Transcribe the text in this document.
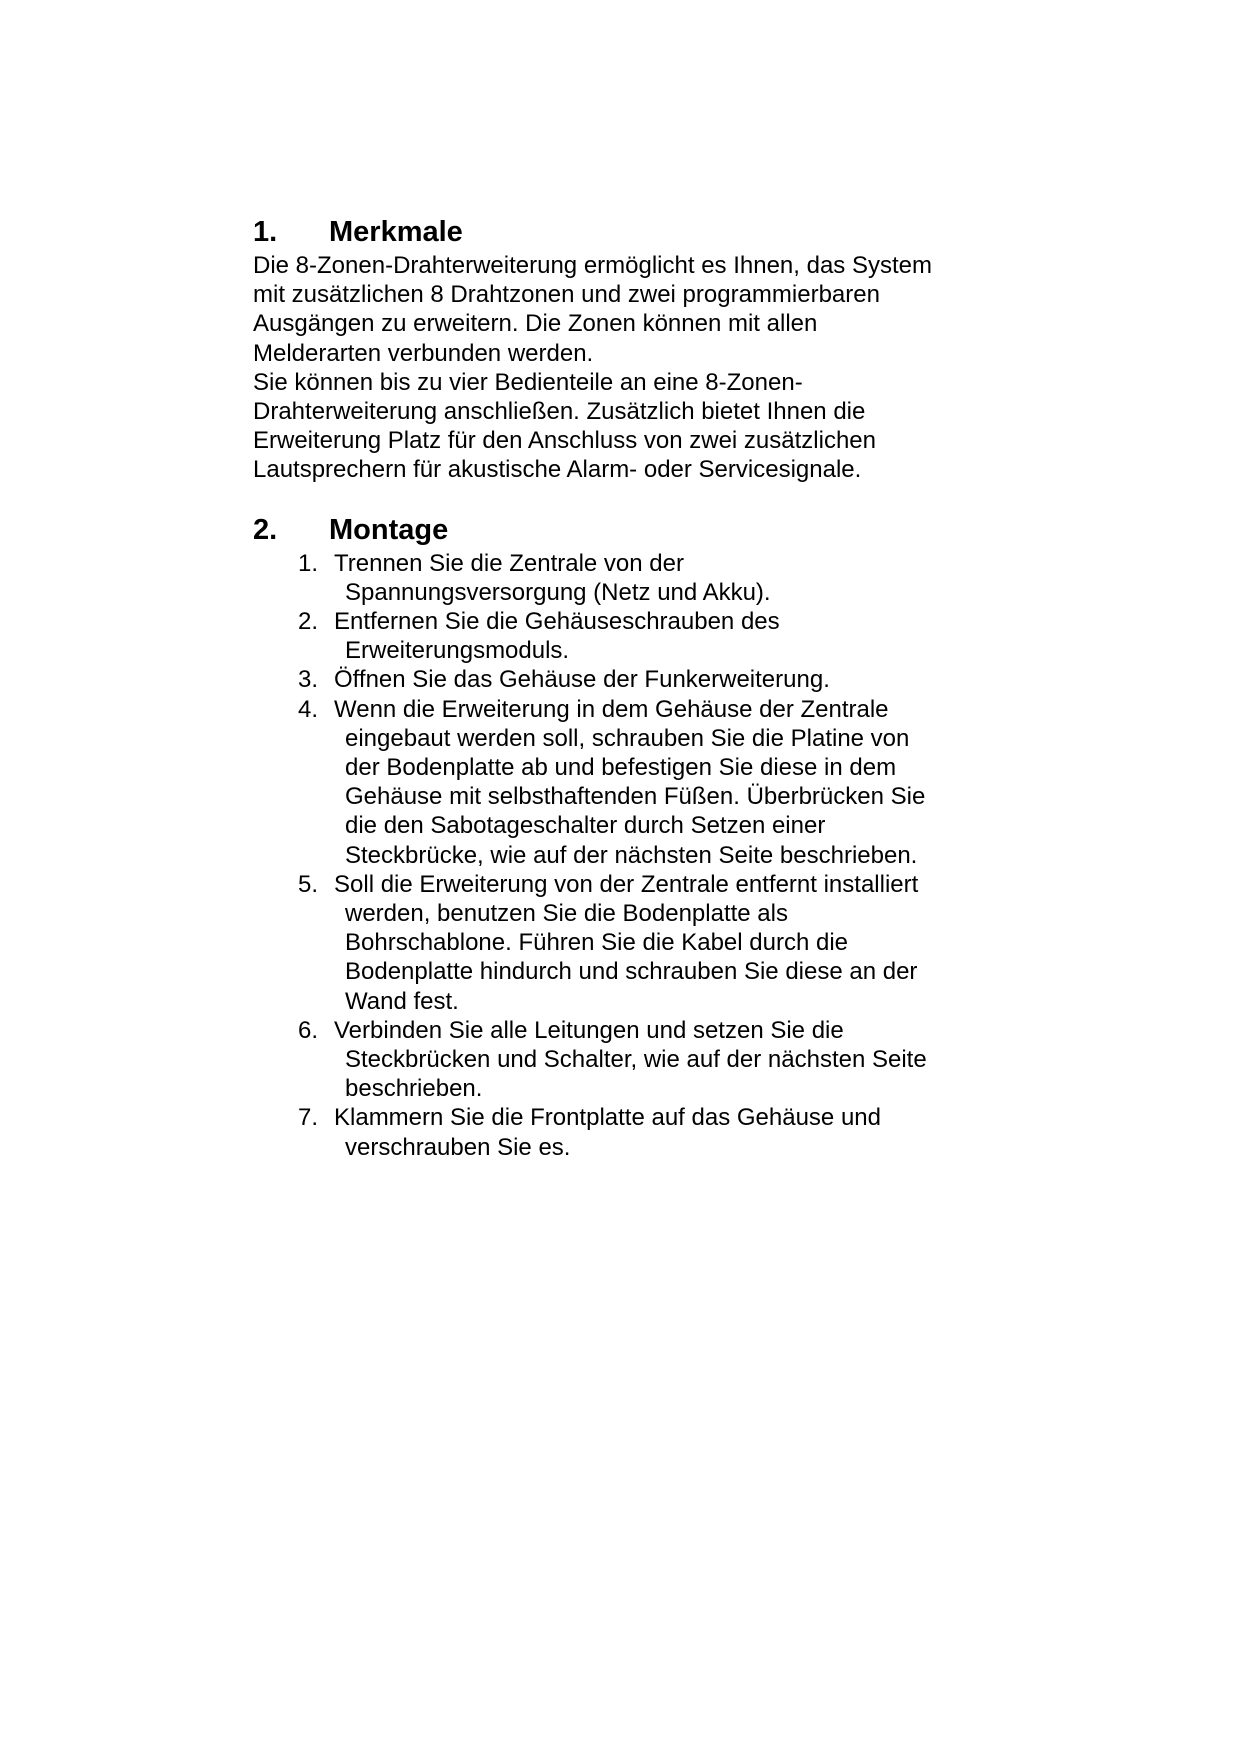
1.	Merkmale

Die 8-Zonen-Drahterweiterung ermöglicht es Ihnen, das System

mit zusätzlichen 8 Drahtzonen und zwei programmierbaren

Ausgängen zu erweitern. Die Zonen können mit allen

Melderarten verbunden werden.

Sie können bis zu vier Bedienteile an eine 8-Zonen-

Drahterweiterung anschließen. Zusätzlich bietet Ihnen die

Erweiterung Platz für den Anschluss von zwei zusätzlichen

Lautsprechern für akustische Alarm- oder Servicesignale.

2.	Montage
1. Trennen Sie die Zentrale von der
Spannungsversorgung (Netz und Akku).
2. Entfernen Sie die Gehäuseschrauben des
Erweiterungsmoduls.
3. Öffnen Sie das Gehäuse der Funkerweiterung.
4. Wenn die Erweiterung in dem Gehäuse der Zentrale
eingebaut werden soll, schrauben Sie die Platine von
der Bodenplatte ab und befestigen Sie diese in dem
Gehäuse mit selbsthaftenden Füßen. Überbrücken Sie
die den Sabotageschalter durch Setzen einer
Steckbrücke, wie auf der nächsten Seite beschrieben.
5. Soll die Erweiterung von der Zentrale entfernt installiert
werden, benutzen Sie die Bodenplatte als
Bohrschablone. Führen Sie die Kabel durch die
Bodenplatte hindurch und schrauben Sie diese an der
Wand fest.
6. Verbinden Sie alle Leitungen und setzen Sie die
Steckbrücken und Schalter, wie auf der nächsten Seite
beschrieben.
7. Klammern Sie die Frontplatte auf das Gehäuse und
verschrauben Sie es.
